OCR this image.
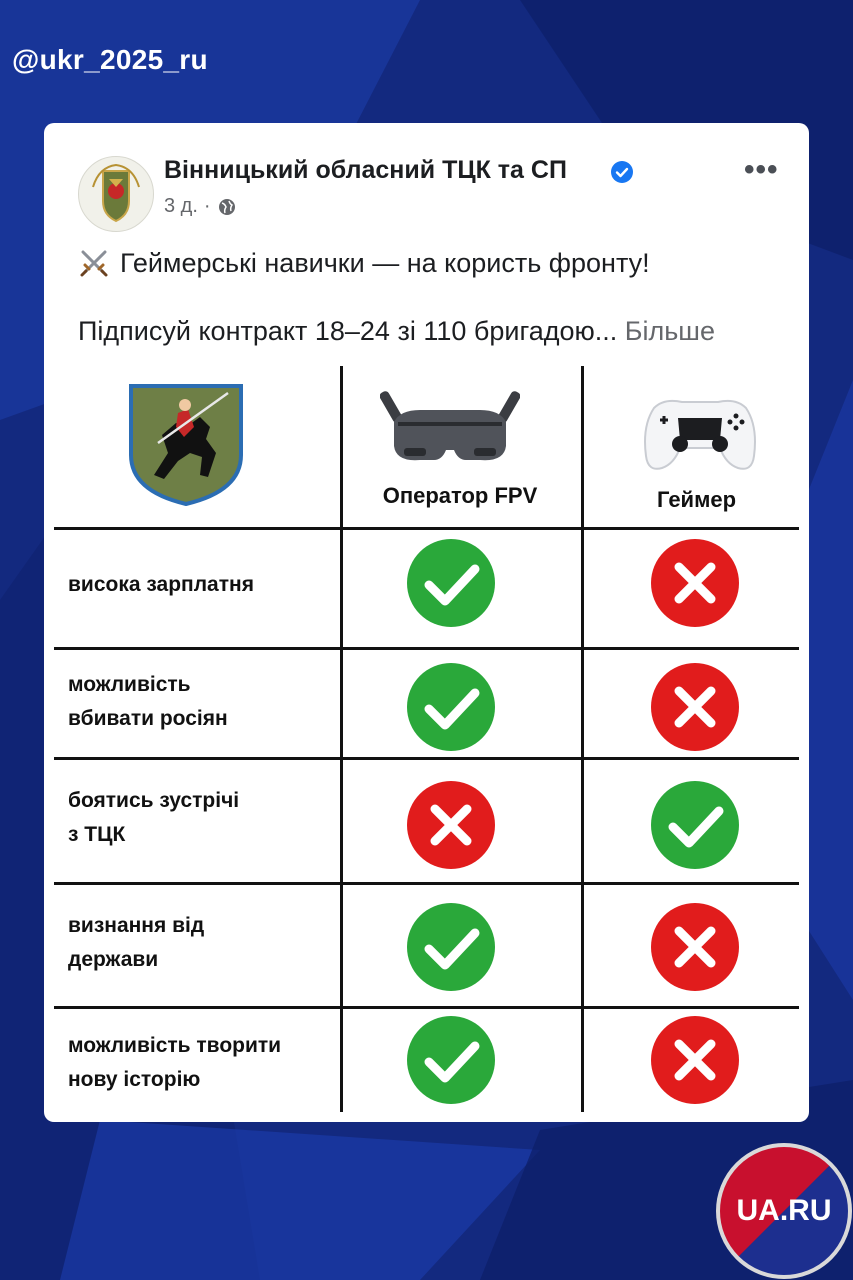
@ukr_2025_ru
Вінницький обласний ТЦК та СП
3 д. ·
•••
Геймерські навички — на користь фронту!
Підписуй контракт 18–24 зі 110 бригадою... Більше
Оператор FPV	Геймер
висока зарплатня
можливість
вбивати росіян
боятись зустрічі
з ТЦК
визнання від
держави
можливість творити
нову історію
UA.RU
